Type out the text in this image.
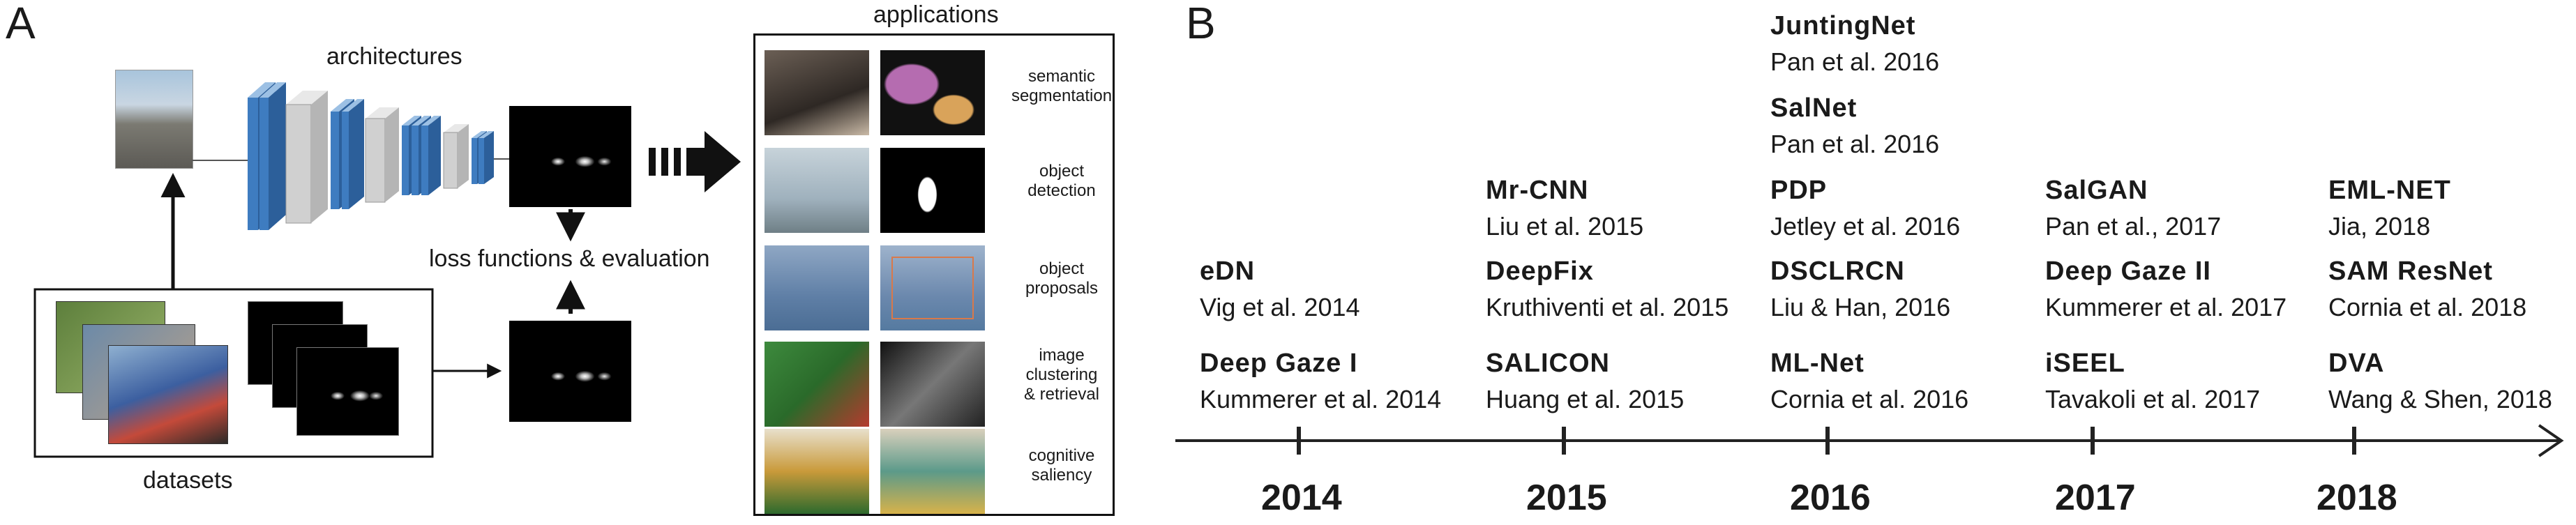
A
architectures
loss functions & evaluation
datasets
applications
semantic
segmentation
object
detection
object
proposals
image
clustering
& retrieval
cognitive
saliency
B
2014	2015	2016	2017	2018
eDN
Vig et al. 2014
Deep Gaze I
Kummerer et al. 2014
Mr-CNN
Liu et al. 2015
DeepFix
Kruthiventi et al. 2015
SALICON
Huang et al. 2015
JuntingNet
Pan et al. 2016
SalNet
Pan et al. 2016
PDP
Jetley et al. 2016
DSCLRCN
Liu & Han, 2016
ML-Net
Cornia et al. 2016
SalGAN
Pan et al., 2017
Deep Gaze II
Kummerer et al. 2017
iSEEL
Tavakoli et al. 2017
EML-NET
Jia, 2018
SAM ResNet
Cornia et al. 2018
DVA
Wang & Shen, 2018
